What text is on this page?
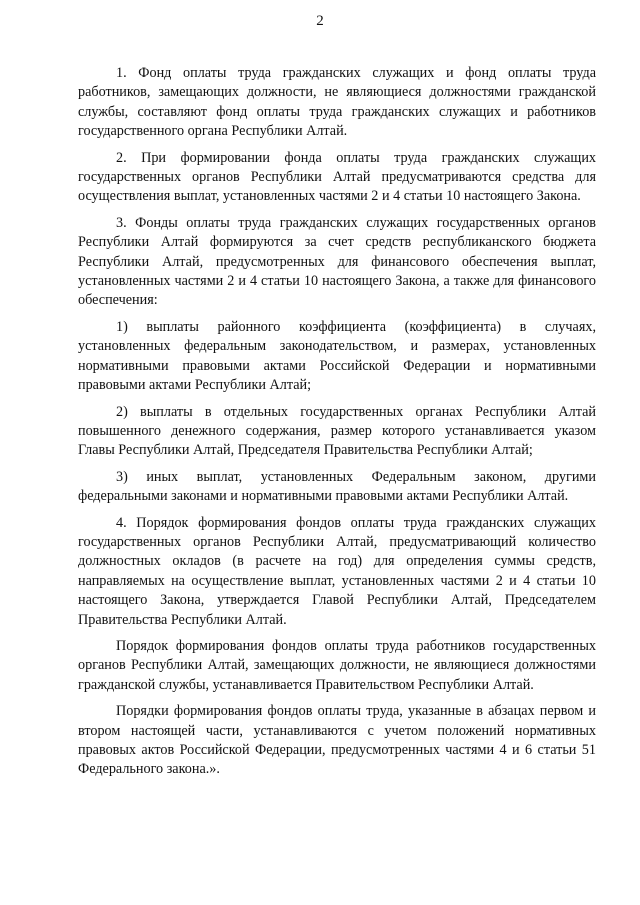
2

1. Фонд оплаты труда гражданских служащих и фонд оплаты труда работников, замещающих должности, не являющиеся должностями гражданской службы, составляют фонд оплаты труда гражданских служащих и работников государственного органа Республики Алтай.

2. При формировании фонда оплаты труда гражданских служащих государственных органов Республики Алтай предусматриваются средства для осуществления выплат, установленных частями 2 и 4 статьи 10 настоящего Закона.

3. Фонды оплаты труда гражданских служащих государственных органов Республики Алтай формируются за счет средств республиканского бюджета Республики Алтай, предусмотренных для финансового обеспечения выплат, установленных частями 2 и 4 статьи 10 настоящего Закона, а также для финансового обеспечения:

1) выплаты районного коэффициента (коэффициента) в случаях, установленных федеральным законодательством, и размерах, установленных нормативными правовыми актами Российской Федерации и нормативными правовыми актами Республики Алтай;

2) выплаты в отдельных государственных органах Республики Алтай повышенного денежного содержания, размер которого устанавливается указом Главы Республики Алтай, Председателя Правительства Республики Алтай;

3) иных выплат, установленных Федеральным законом, другими федеральными законами и нормативными правовыми актами Республики Алтай.

4. Порядок формирования фондов оплаты труда гражданских служащих государственных органов Республики Алтай, предусматривающий количество должностных окладов (в расчете на год) для определения суммы средств, направляемых на осуществление выплат, установленных частями 2 и 4 статьи 10 настоящего Закона, утверждается Главой Республики Алтай, Председателем Правительства Республики Алтай.

Порядок формирования фондов оплаты труда работников государственных органов Республики Алтай, замещающих должности, не являющиеся должностями гражданской службы, устанавливается Правительством Республики Алтай.

Порядки формирования фондов оплаты труда, указанные в абзацах первом и втором настоящей части, устанавливаются с учетом положений нормативных правовых актов Российской Федерации, предусмотренных частями 4 и 6 статьи 51 Федерального закона.».
